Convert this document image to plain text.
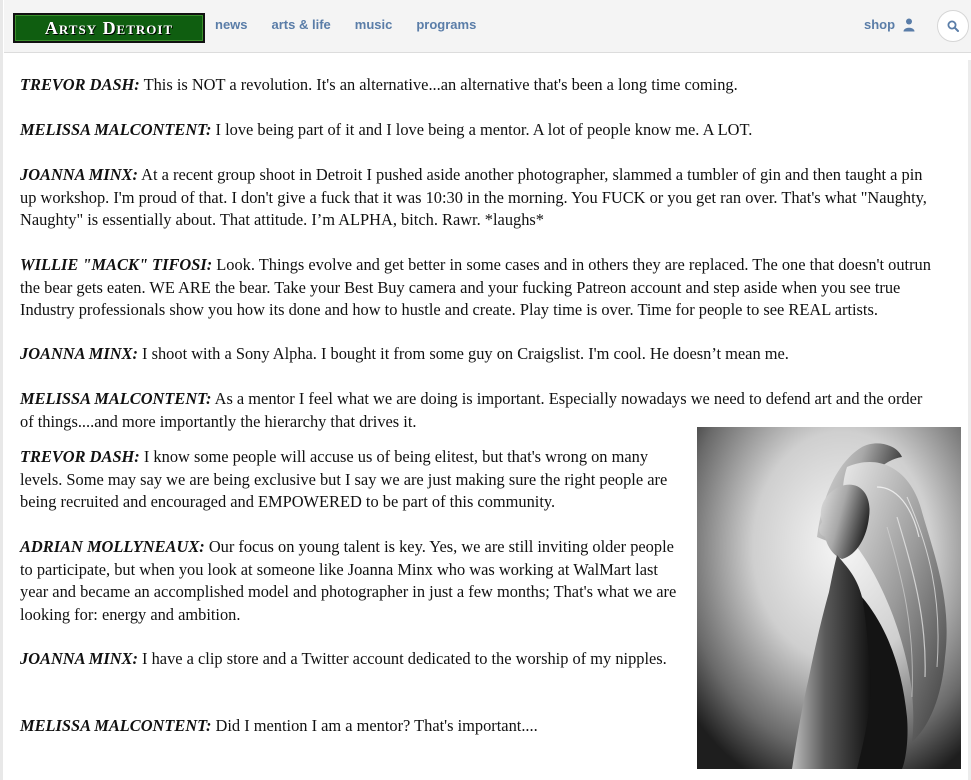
Artsy Detroit	news arts & life music programs	shop

TREVOR DASH: This is NOT a revolution. It's an alternative...an alternative that's been a long time coming.

MELISSA MALCONTENT: I love being part of it and I love being a mentor. A lot of people know me. A LOT.

JOANNA MINX: At a recent group shoot in Detroit I pushed aside another photographer, slammed a tumbler of gin and then taught a pin up workshop. I'm proud of that. I don't give a fuck that it was 10:30 in the morning. You FUCK or you get ran over. That's what "Naughty, Naughty" is essentially about. That attitude. I’m ALPHA, bitch. Rawr. *laughs*

WILLIE "MACK" TIFOSI: Look. Things evolve and get better in some cases and in others they are replaced. The one that doesn't outrun the bear gets eaten. WE ARE the bear. Take your Best Buy camera and your fucking Patreon account and step aside when you see true Industry professionals show you how its done and how to hustle and create. Play time is over. Time for people to see REAL artists.

JOANNA MINX: I shoot with a Sony Alpha. I bought it from some guy on Craigslist. I'm cool. He doesn’t mean me.

MELISSA MALCONTENT: As a mentor I feel what we are doing is important. Especially nowadays we need to defend art and the order of things....and more importantly the hierarchy that drives it.

TREVOR DASH: I know some people will accuse us of being elitest, but that's wrong on many levels. Some may say we are being exclusive but I say we are just making sure the right people are being recruited and encouraged and EMPOWERED to be part of this community.

ADRIAN MOLLYNEAUX: Our focus on young talent is key. Yes, we are still inviting older people to participate, but when you look at someone like Joanna Minx who was working at WalMart last year and became an accomplished model and photographer in just a few months; That's what we are looking for: energy and ambition.

JOANNA MINX: I have a clip store and a Twitter account dedicated to the worship of my nipples.

MELISSA MALCONTENT: Did I mention I am a mentor? That's important....
